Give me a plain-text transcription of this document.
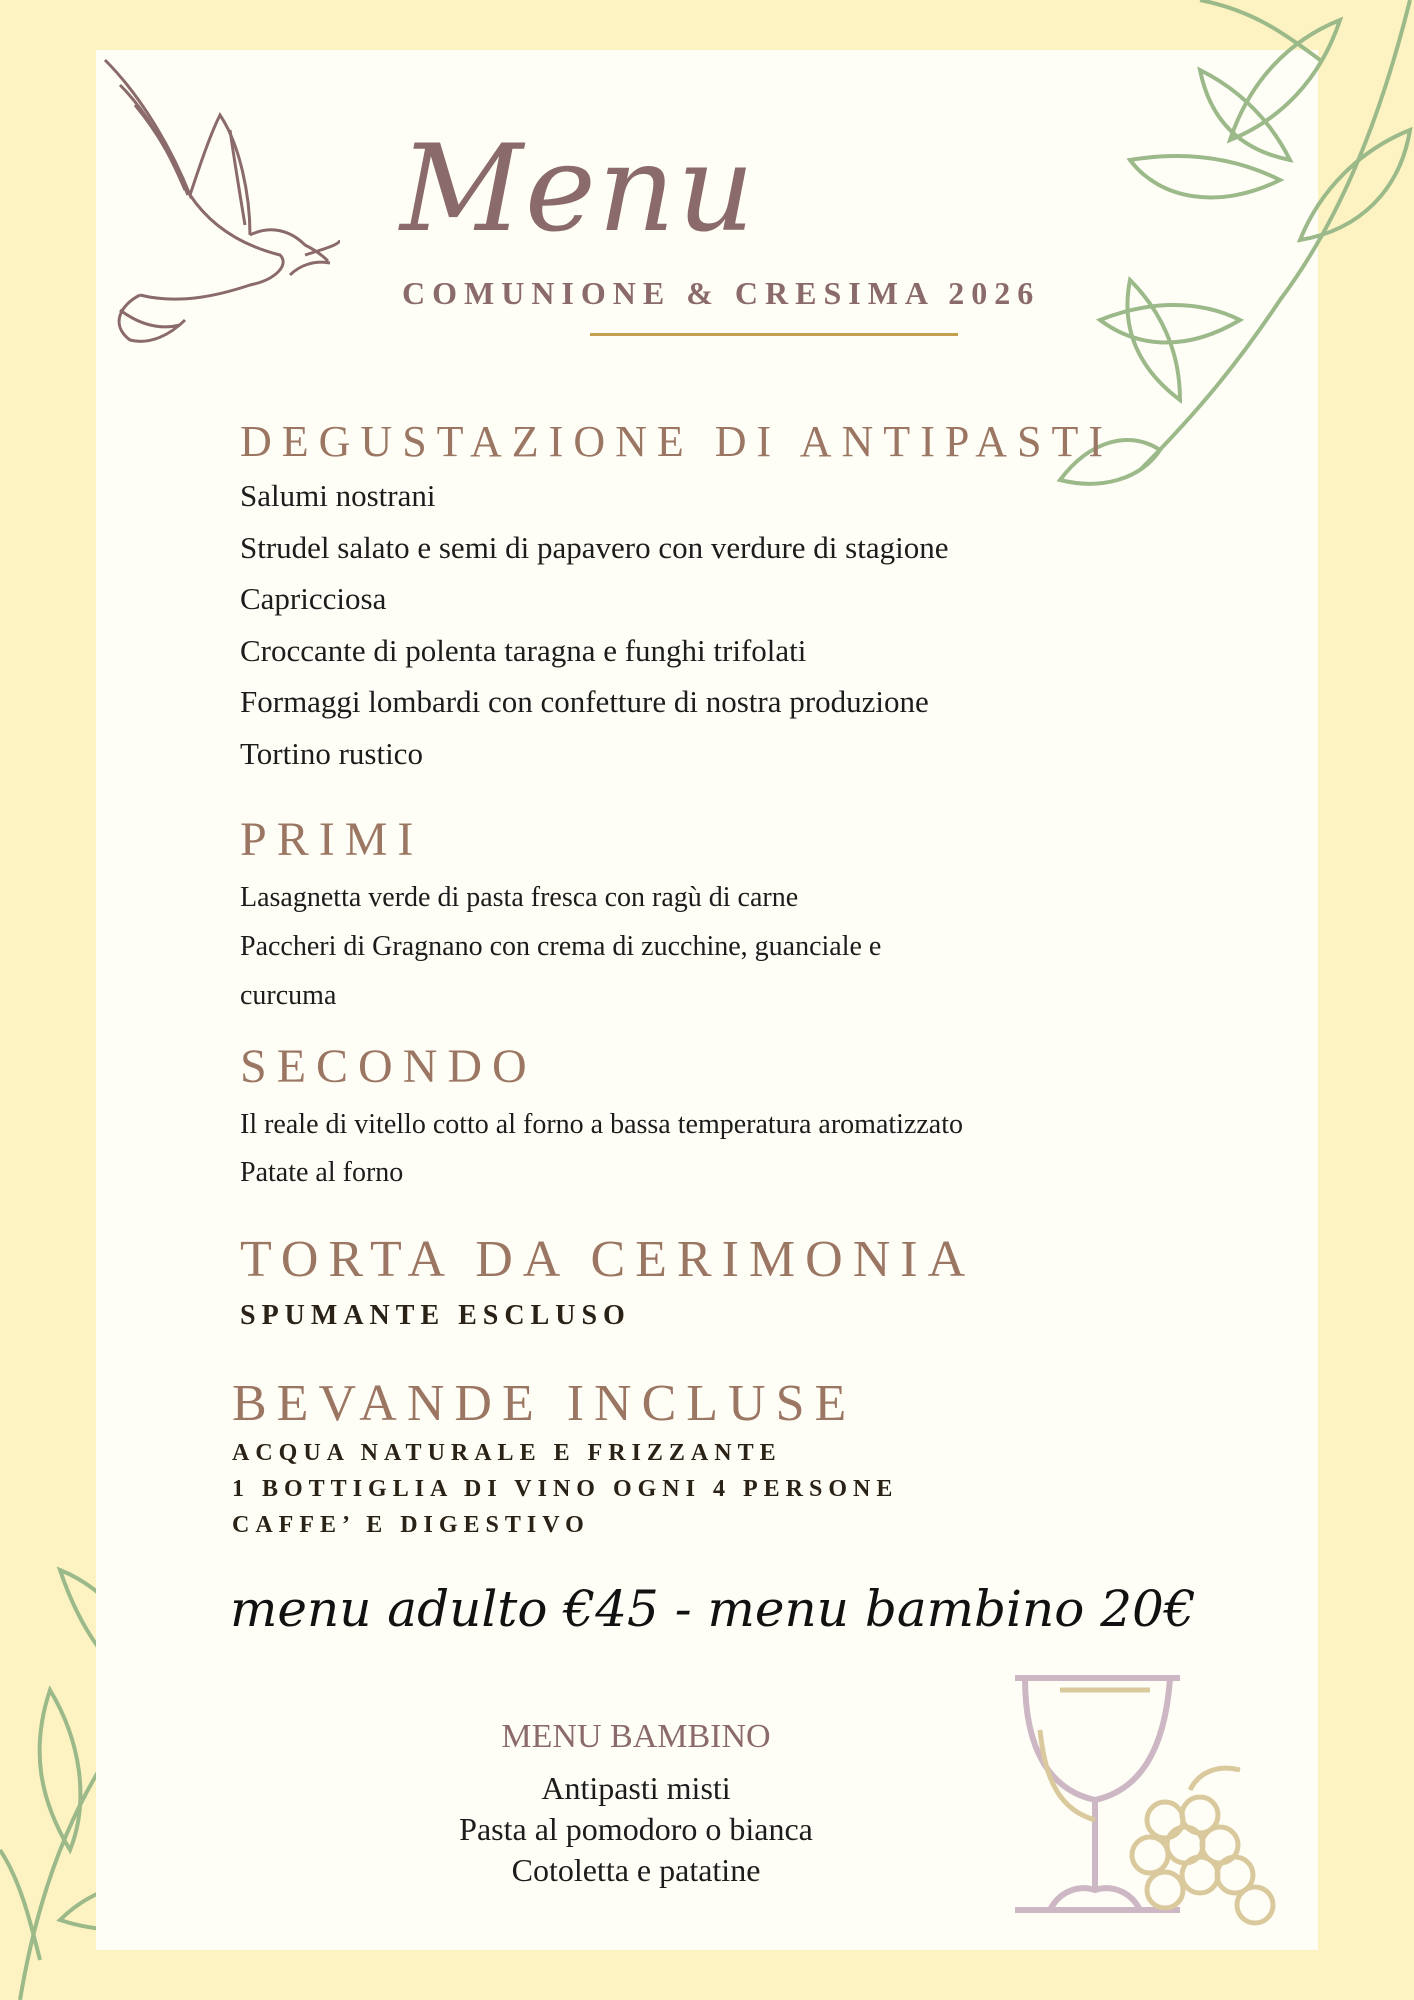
Menu
COMUNIONE & CRESIMA 2026
DEGUSTAZIONE DI ANTIPASTI
Salumi nostrani
Strudel salato e semi di papavero con verdure di stagione
Capricciosa
Croccante di polenta taragna e funghi trifolati
Formaggi lombardi con confetture di nostra produzione
Tortino rustico
PRIMI
Lasagnetta verde di pasta fresca con ragù di carne
Paccheri di Gragnano con crema di zucchine, guanciale e
curcuma
SECONDO
Il reale di vitello cotto al forno a bassa temperatura aromatizzato
Patate al forno
TORTA DA CERIMONIA
SPUMANTE ESCLUSO
BEVANDE INCLUSE
ACQUA NATURALE E FRIZZANTE
1 BOTTIGLIA DI VINO OGNI 4 PERSONE
CAFFE’ E DIGESTIVO
menu adulto €45 - menu bambino 20€
MENU BAMBINO
Antipasti misti
Pasta al pomodoro o bianca
Cotoletta e patatine
